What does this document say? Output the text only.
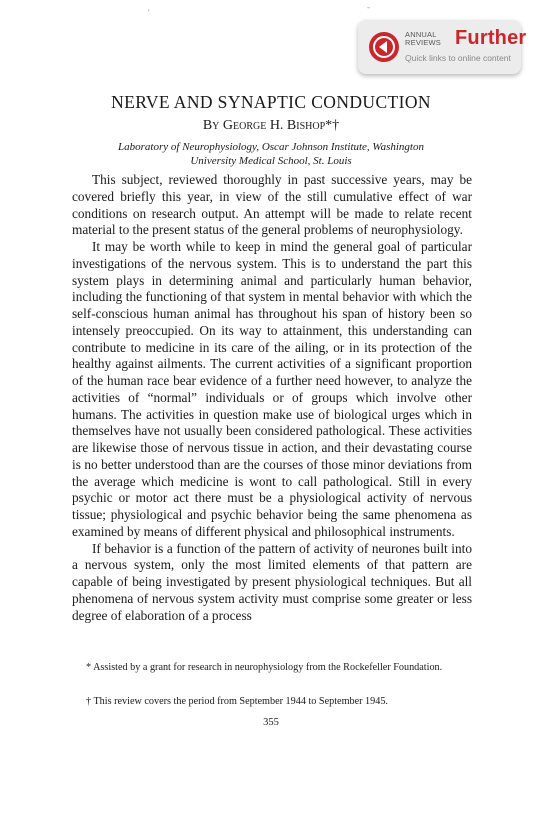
ANNUAL
REVIEWS Further
Quick links to online content
'
-
NERVE AND SYNAPTIC CONDUCTION
By George H. Bishop*†
Laboratory of Neurophysiology, Oscar Johnson Institute, Washington
University Medical School, St. Louis

This subject, reviewed thoroughly in past successive years, may be covered briefly this year, in view of the still cumulative effect of war conditions on research output. An attempt will be made to relate recent material to the present status of the general problems of neurophysiology.

It may be worth while to keep in mind the general goal of particular investigations of the nervous system. This is to understand the part this system plays in determining animal and particularly human behavior, including the functioning of that system in mental behavior with which the self-conscious human animal has throughout his span of history been so intensely preoccupied. On its way to attainment, this understanding can contribute to medicine in its care of the ailing, or in its protection of the healthy against ailments. The current activities of a significant proportion of the human race bear evidence of a further need however, to analyze the activities of “normal” individuals or of groups which involve other humans. The activities in question make use of biological urges which in themselves have not usually been considered pathological. These activities are likewise those of nervous tissue in action, and their devastating course is no better understood than are the courses of those minor deviations from the average which medicine is wont to call pathological. Still in every psychic or motor act there must be a physiological activity of nervous tissue; physiological and psychic behavior being the same phenomena as examined by means of different physical and philosophical instruments.

If behavior is a function of the pattern of activity of neurones built into a nervous system, only the most limited elements of that pattern are capable of being investigated by present physiological techniques. But all phenomena of nervous system activity must comprise some greater or less degree of elaboration of a process

* Assisted by a grant for research in neurophysiology from the Rockefeller Foundation.

† This review covers the period from September 1944 to September 1945.

355
